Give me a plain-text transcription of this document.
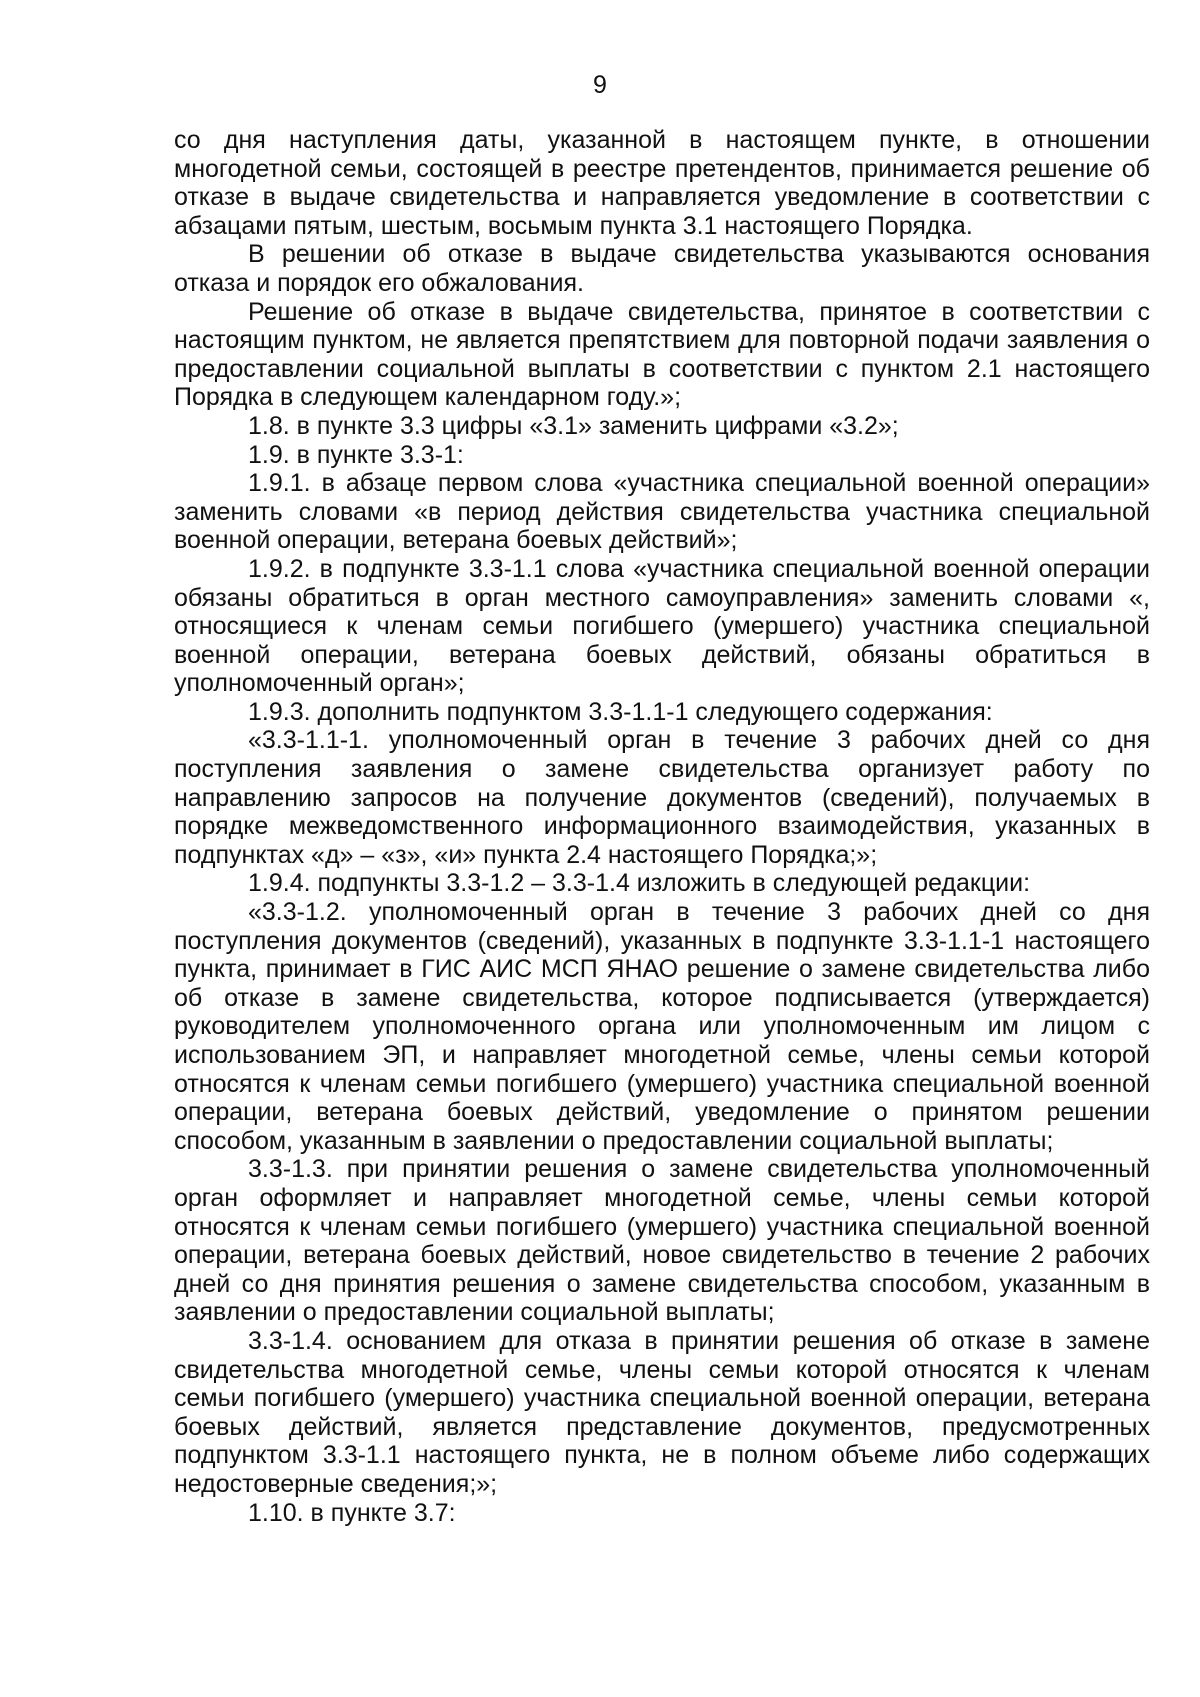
9

со дня наступления даты, указанной в настоящем пункте, в отношении многодетной семьи, состоящей в реестре претендентов, принимается решение об отказе в выдаче свидетельства и направляется уведомление в соответствии с абзацами пятым, шестым, восьмым пункта 3.1 настоящего Порядка.

В решении об отказе в выдаче свидетельства указываются основания отказа и порядок его обжалования.

Решение об отказе в выдаче свидетельства, принятое в соответствии с настоящим пунктом, не является препятствием для повторной подачи заявления о предоставлении социальной выплаты в соответствии с пунктом 2.1 настоящего Порядка в следующем календарном году.»;

1.8. в пункте 3.3 цифры «3.1» заменить цифрами «3.2»;

1.9. в пункте 3.3-1:

1.9.1. в абзаце первом слова «участника специальной военной операции» заменить словами «в период действия свидетельства участника специальной военной операции, ветерана боевых действий»;

1.9.2. в подпункте 3.3-1.1 слова «участника специальной военной операции обязаны обратиться в орган местного самоуправления» заменить словами «, относящиеся к членам семьи погибшего (умершего) участника специальной военной операции, ветерана боевых действий, обязаны обратиться в уполномоченный орган»;

1.9.3. дополнить подпунктом 3.3-1.1-1 следующего содержания:

«3.3-1.1-1. уполномоченный орган в течение 3 рабочих дней со дня поступления заявления о замене свидетельства организует работу по направлению запросов на получение документов (сведений), получаемых в порядке межведомственного информационного взаимодействия, указанных в подпунктах «д» – «з», «и» пункта 2.4 настоящего Порядка;»;

1.9.4. подпункты 3.3-1.2 – 3.3-1.4 изложить в следующей редакции:

«3.3-1.2. уполномоченный орган в течение 3 рабочих дней со дня поступления документов (сведений), указанных в подпункте 3.3-1.1-1 настоящего пункта, принимает в ГИС АИС МСП ЯНАО решение о замене свидетельства либо об отказе в замене свидетельства, которое подписывается (утверждается) руководителем уполномоченного органа или уполномоченным им лицом с использованием ЭП, и направляет многодетной семье, члены семьи которой относятся к членам семьи погибшего (умершего) участника специальной военной операции, ветерана боевых действий, уведомление о принятом решении способом, указанным в заявлении о предоставлении социальной выплаты;

3.3-1.3. при принятии решения о замене свидетельства уполномоченный орган оформляет и направляет многодетной семье, члены семьи которой относятся к членам семьи погибшего (умершего) участника специальной военной операции, ветерана боевых действий, новое свидетельство в течение 2 рабочих дней со дня принятия решения о замене свидетельства способом, указанным в заявлении о предоставлении социальной выплаты;

3.3-1.4. основанием для отказа в принятии решения об отказе в замене свидетельства многодетной семье, члены семьи которой относятся к членам семьи погибшего (умершего) участника специальной военной операции, ветерана боевых действий, является представление документов, предусмотренных подпунктом 3.3-1.1 настоящего пункта, не в полном объеме либо содержащих недостоверные сведения;»;

1.10. в пункте 3.7:
